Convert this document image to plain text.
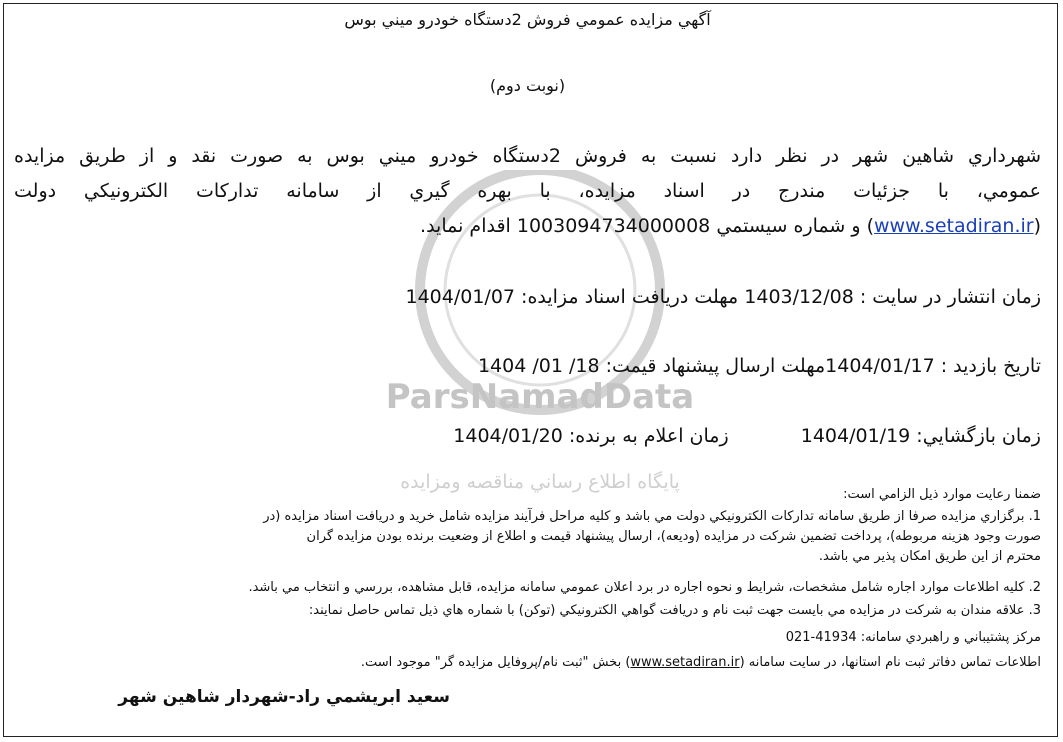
ParsNamadData
پايگاه اطلاع رساني مناقصه ومزايده
آگهي مزايده عمومي فروش 2دستگاه خودرو ميني بوس
(نوبت دوم)
شهرداري شاهين شهر در نظر دارد نسبت به فروش 2دستگاه خودرو ميني بوس به صورت نقد و از طريق مزايده
عمومي، با جزئيات مندرج در اسناد مزايده، با بهره گيري از سامانه تدارکات الکترونيکي دولت
(www.setadiran.ir) و شماره سيستمي 1003094734000008 اقدام نمايد.
زمان انتشار در سايت : 1403/12/08 مهلت دريافت اسناد مزايده: 1404/01/07
تاريخ بازديد : 1404/01/17مهلت ارسال پيشنهاد قيمت: 18/ 01/ 1404
زمان بازگشايي: 1404/01/19  زمان اعلام به برنده: 1404/01/20
ضمنا رعايت موارد ذيل الزامي است:
1. برگزاري مزايده صرفا از طريق سامانه تدارکات الکترونيکي دولت مي باشد و کليه مراحل فرآيند مزايده شامل خريد و دريافت اسناد مزايده (در
صورت وجود هزينه مربوطه)، پرداخت تضمين شرکت در مزايده (وديعه)، ارسال پيشنهاد قيمت و اطلاع از وضعيت برنده بودن مزايده گران
محترم از اين طريق امکان پذير مي باشد.
2. کليه اطلاعات موارد اجاره شامل مشخصات، شرايط و نحوه اجاره در برد اعلان عمومي سامانه مزايده، قابل مشاهده، بررسي و انتخاب مي باشد.
3. علاقه مندان به شرکت در مزايده مي بايست جهت ثبت نام و دريافت گواهي الکترونيکي (توکن) با شماره هاي ذيل تماس حاصل نمايند:
مرکز پشتيباني و راهبردي سامانه: 41934-021
اطلاعات تماس دفاتر ثبت نام استانها، در سايت سامانه (www.setadiran.ir) بخش "ثبت نام/پروفايل مزايده گر" موجود است.
سعيد ابريشمي راد-شهردار شاهين شهر
